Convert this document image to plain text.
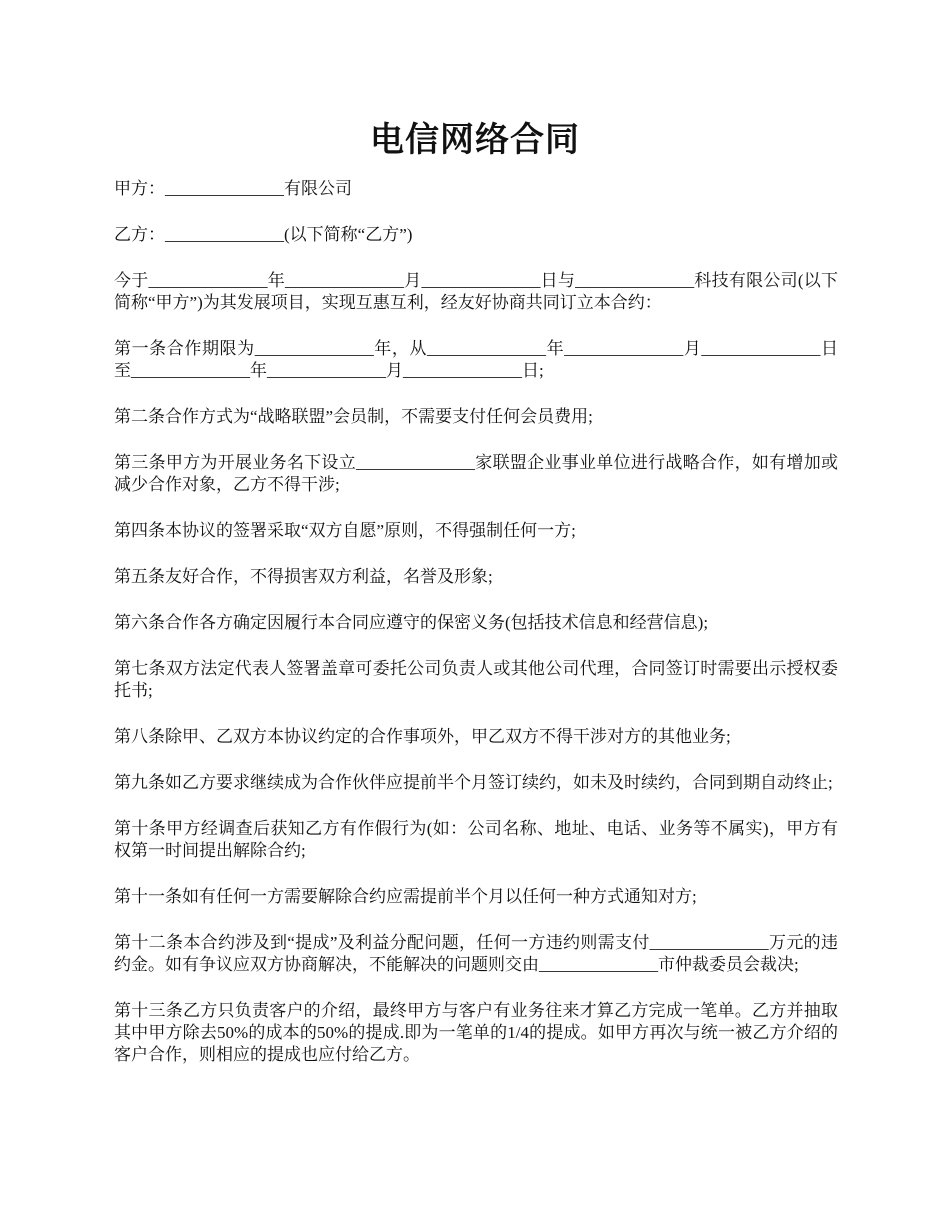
电信网络合同

甲方：______________有限公司

乙方：______________(以下简称“乙方”)

今于______________年______________月______________日与______________科技有限公司(以下简称“甲方”)为其发展项目，实现互惠互利，经友好协商共同订立本合约：

第一条合作期限为______________年，从______________年______________月______________日至______________年______________月______________日;

第二条合作方式为“战略联盟”会员制，不需要支付任何会员费用;

第三条甲方为开展业务名下设立______________家联盟企业事业单位进行战略合作，如有增加或减少合作对象，乙方不得干涉;

第四条本协议的签署采取“双方自愿”原则，不得强制任何一方;

第五条友好合作，不得损害双方利益，名誉及形象;

第六条合作各方确定因履行本合同应遵守的保密义务(包括技术信息和经营信息);

第七条双方法定代表人签署盖章可委托公司负责人或其他公司代理，合同签订时需要出示授权委托书;

第八条除甲、乙双方本协议约定的合作事项外，甲乙双方不得干涉对方的其他业务;

第九条如乙方要求继续成为合作伙伴应提前半个月签订续约，如未及时续约，合同到期自动终止;

第十条甲方经调查后获知乙方有作假行为(如：公司名称、地址、电话、业务等不属实)，甲方有权第一时间提出解除合约;

第十一条如有任何一方需要解除合约应需提前半个月以任何一种方式通知对方;

第十二条本合约涉及到“提成”及利益分配问题，任何一方违约则需支付______________万元的违约金。如有争议应双方协商解决，不能解决的问题则交由______________市仲裁委员会裁决;

第十三条乙方只负责客户的介绍，最终甲方与客户有业务往来才算乙方完成一笔单。乙方并抽取其中甲方除去50%的成本的50%的提成.即为一笔单的1/4的提成。如甲方再次与统一被乙方介绍的客户合作，则相应的提成也应付给乙方。
